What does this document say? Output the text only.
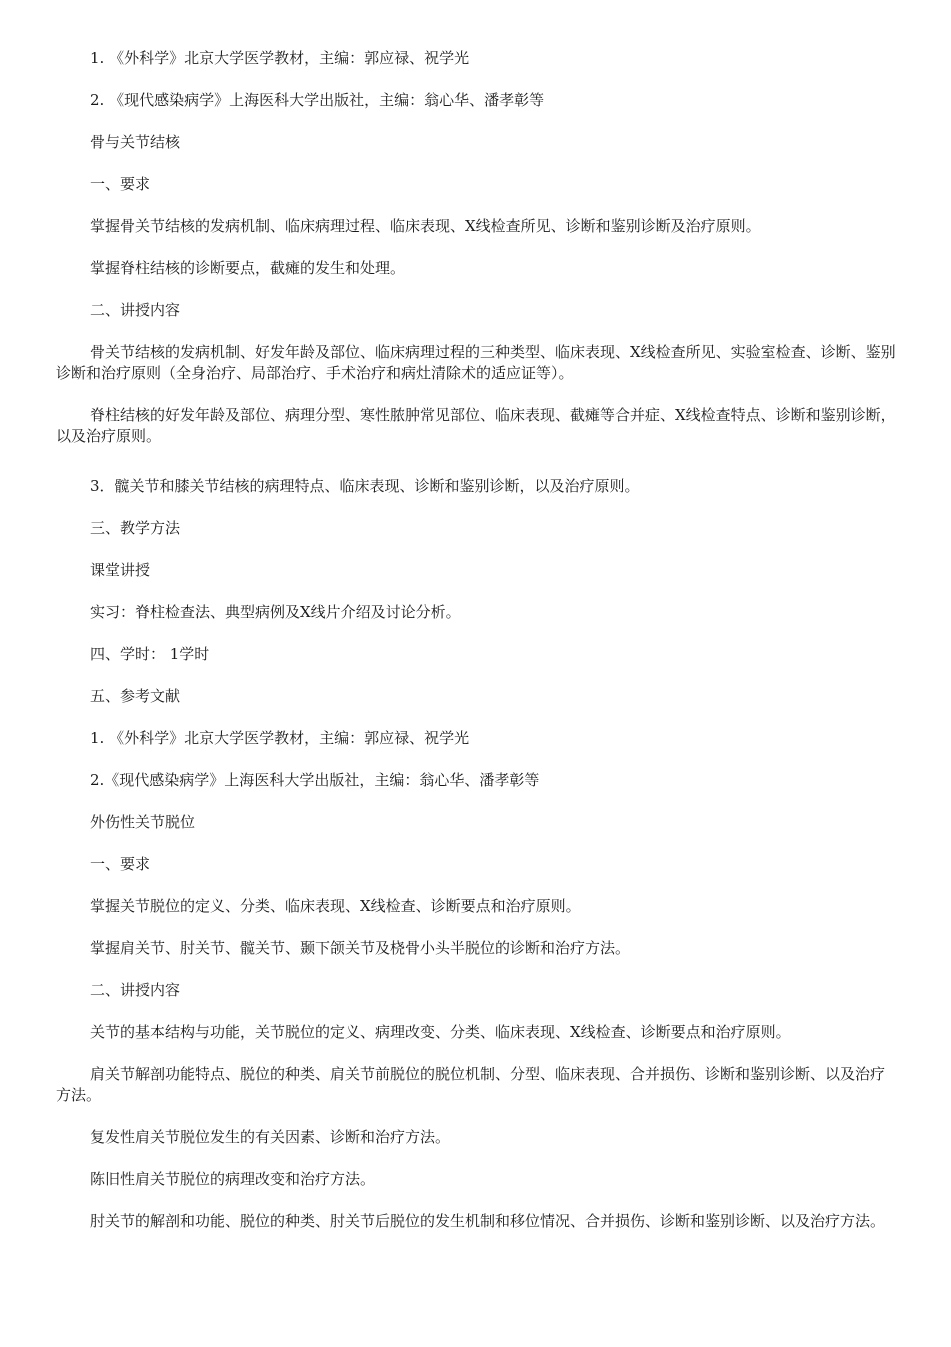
1. 《外科学》北京大学医学教材，主编：郭应禄、祝学光

2. 《现代感染病学》上海医科大学出版社，主编：翁心华、潘孝彰等

骨与关节结核

一、要求

掌握骨关节结核的发病机制、临床病理过程、临床表现、X线检查所见、诊断和鉴别诊断及治疗原则。

掌握脊柱结核的诊断要点，截瘫的发生和处理。

二、讲授内容

骨关节结核的发病机制、好发年龄及部位、临床病理过程的三种类型、临床表现、X线检查所见、实验室检查、诊断、鉴别诊断和治疗原则（全身治疗、局部治疗、手术治疗和病灶清除术的适应证等）。

脊柱结核的好发年龄及部位、病理分型、寒性脓肿常见部位、临床表现、截瘫等合并症、X线检查特点、诊断和鉴别诊断，以及治疗原则。

3．髋关节和膝关节结核的病理特点、临床表现、诊断和鉴别诊断，以及治疗原则。

三、教学方法

课堂讲授

实习：脊柱检查法、典型病例及X线片介绍及讨论分析。

四、学时： 1学时

五、参考文献

1. 《外科学》北京大学医学教材，主编：郭应禄、祝学光

2.《现代感染病学》上海医科大学出版社，主编：翁心华、潘孝彰等

外伤性关节脱位

一、要求

掌握关节脱位的定义、分类、临床表现、X线检查、诊断要点和治疗原则。

掌握肩关节、肘关节、髋关节、颞下颌关节及桡骨小头半脱位的诊断和治疗方法。

二、讲授内容

关节的基本结构与功能，关节脱位的定义、病理改变、分类、临床表现、X线检查、诊断要点和治疗原则。

肩关节解剖功能特点、脱位的种类、肩关节前脱位的脱位机制、分型、临床表现、合并损伤、诊断和鉴别诊断、以及治疗方法。

复发性肩关节脱位发生的有关因素、诊断和治疗方法。

陈旧性肩关节脱位的病理改变和治疗方法。

肘关节的解剖和功能、脱位的种类、肘关节后脱位的发生机制和移位情况、合并损伤、诊断和鉴别诊断、以及治疗方法。
